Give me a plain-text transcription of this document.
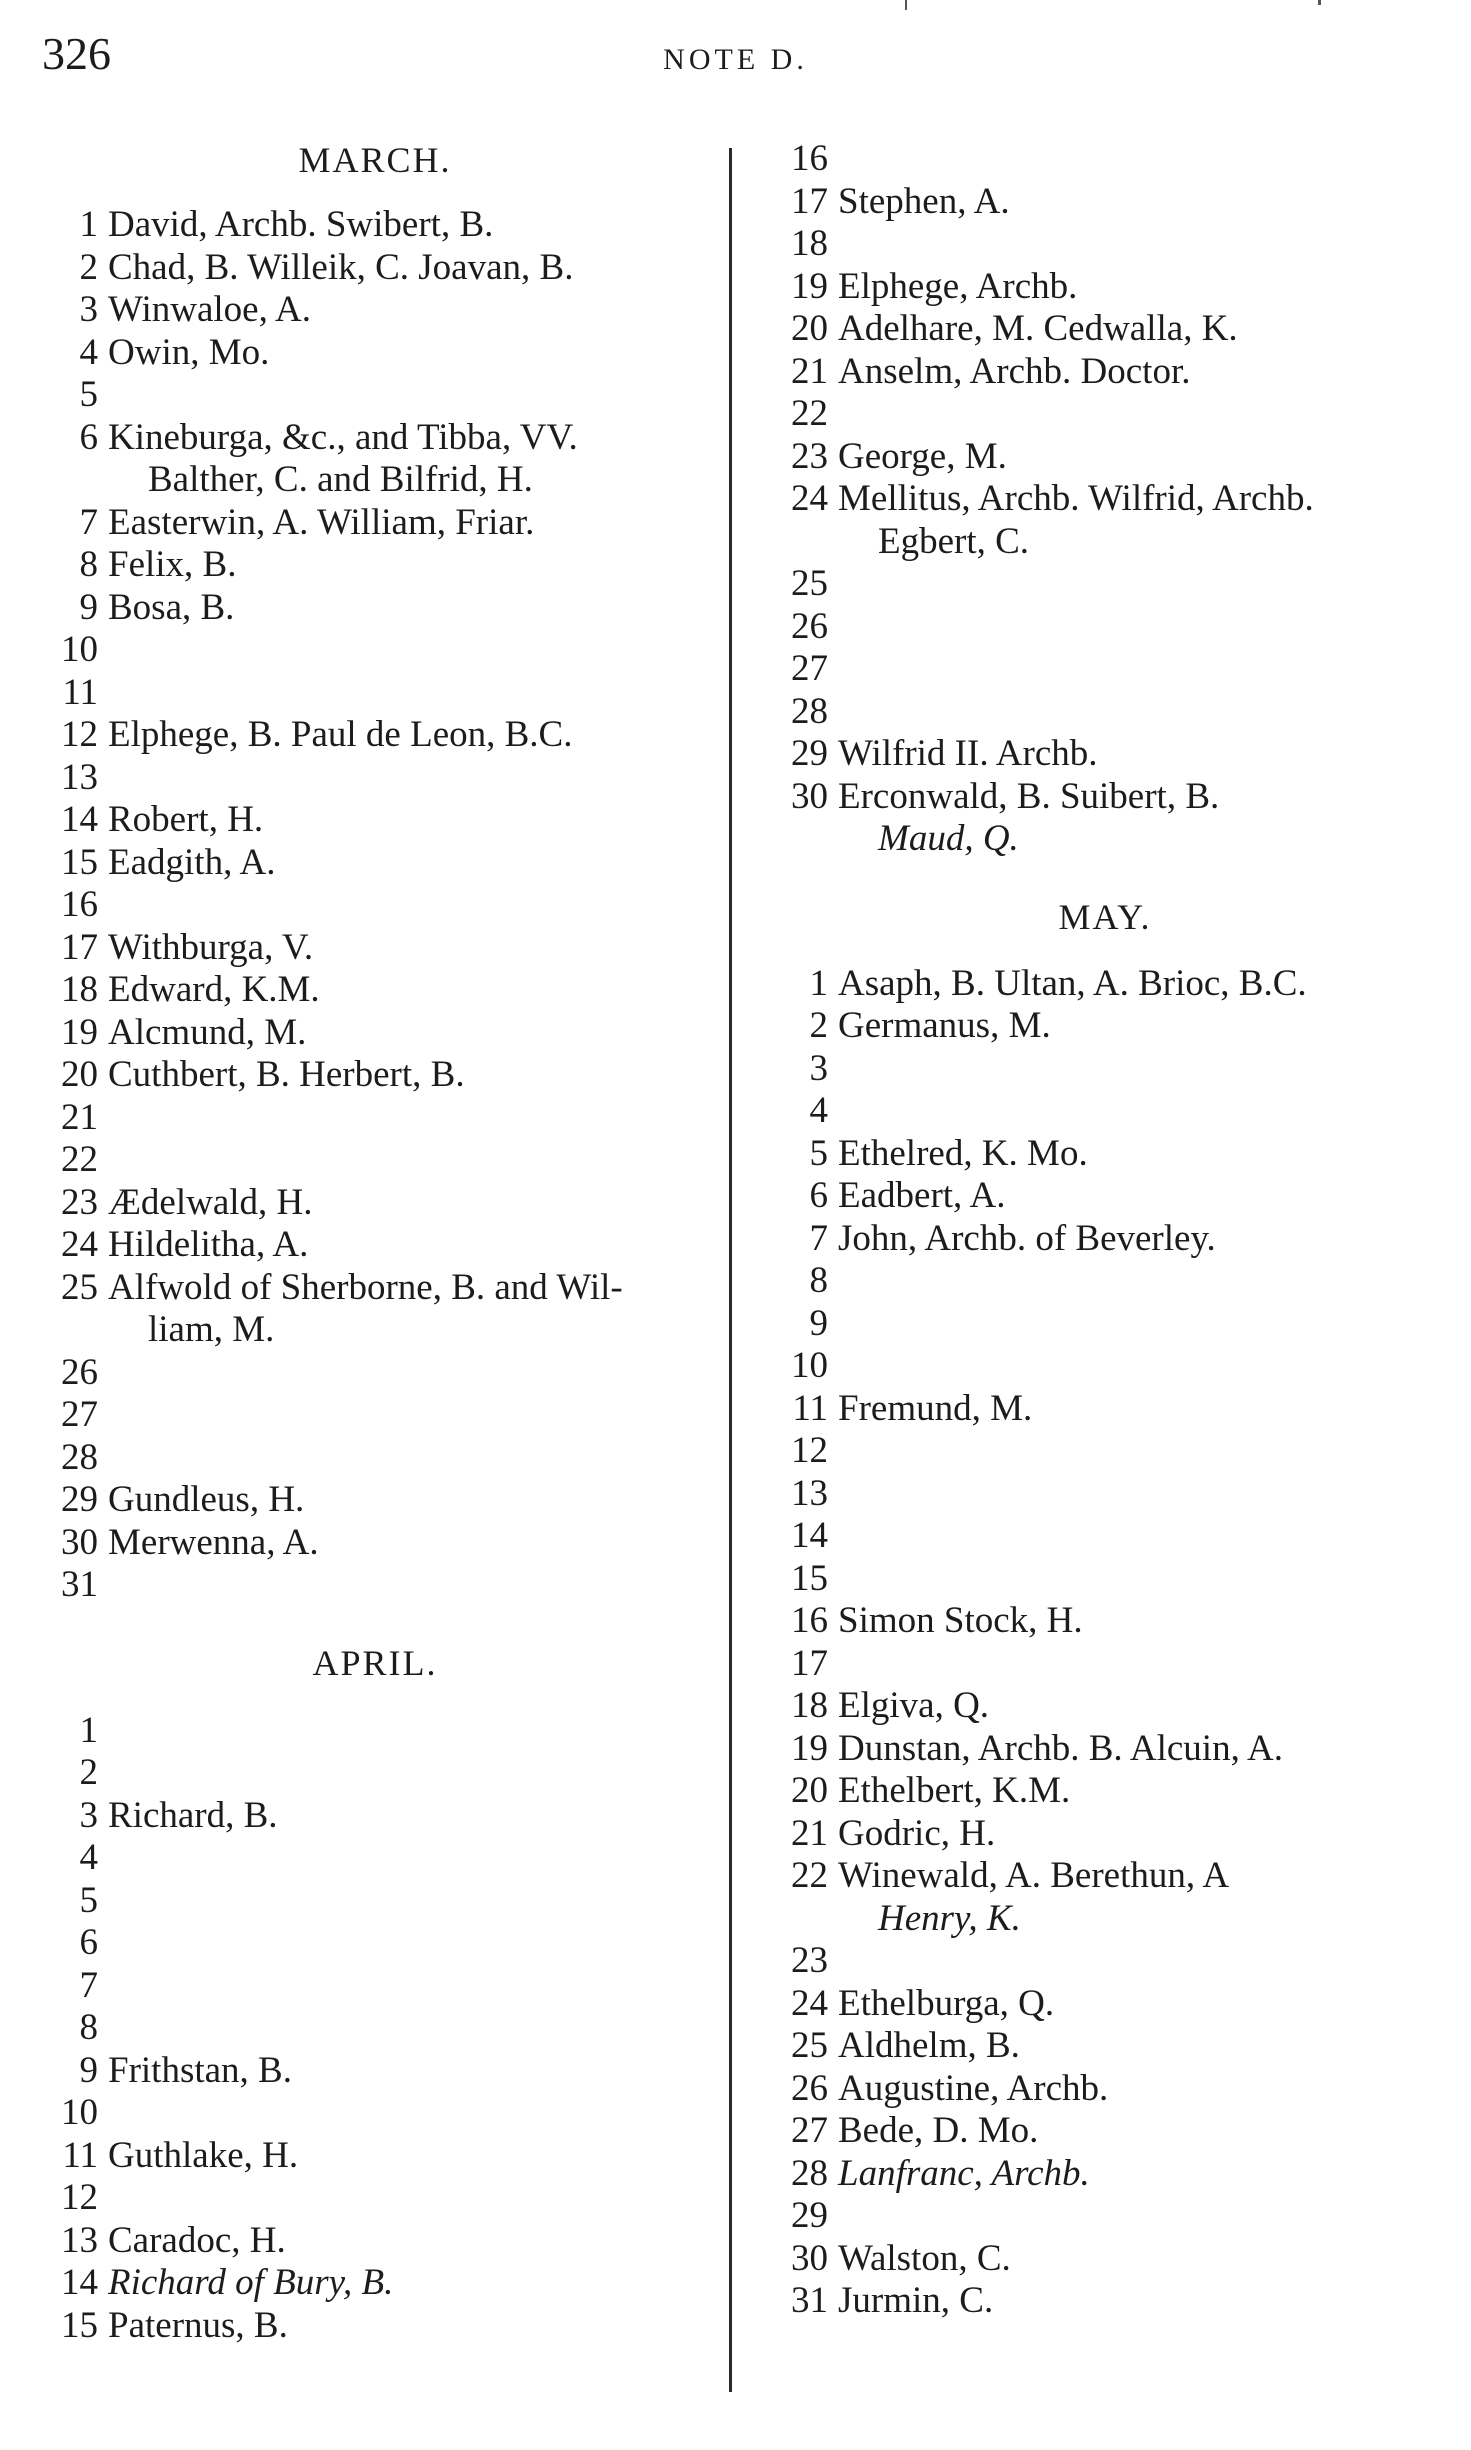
326	NOTE D.
MARCH.
1 David, Archb. Swibert, B.
2 Chad, B. Willeik, C. Joavan, B.
3 Winwaloe, A.
4 Owin, Mo.
5
6 Kineburga, &c., and Tibba, VV.
Balther, C. and Bilfrid, H.
7 Easterwin, A. William, Friar.
8 Felix, B.
9 Bosa, B.
10
11
12 Elphege, B. Paul de Leon, B.C.
13
14 Robert, H.
15 Eadgith, A.
16
17 Withburga, V.
18 Edward, K.M.
19 Alcmund, M.
20 Cuthbert, B. Herbert, B.
21
22
23 Ædelwald, H.
24 Hildelitha, A.
25 Alfwold of Sherborne, B. and Wil-
liam, M.
26
27
28
29 Gundleus, H.
30 Merwenna, A.
31
APRIL.
1
2
3 Richard, B.
4
5
6
7
8
9 Frithstan, B.
10
11 Guthlake, H.
12
13 Caradoc, H.
14 Richard of Bury, B.
15 Paternus, B.
16
17 Stephen, A.
18
19 Elphege, Archb.
20 Adelhare, M. Cedwalla, K.
21 Anselm, Archb. Doctor.
22
23 George, M.
24 Mellitus, Archb. Wilfrid, Archb.
Egbert, C.
25
26
27
28
29 Wilfrid II. Archb.
30 Erconwald, B. Suibert, B.
Maud, Q.
MAY.
1 Asaph, B. Ultan, A. Brioc, B.C.
2 Germanus, M.
3
4
5 Ethelred, K. Mo.
6 Eadbert, A.
7 John, Archb. of Beverley.
8
9
10
11 Fremund, M.
12
13
14
15
16 Simon Stock, H.
17
18 Elgiva, Q.
19 Dunstan, Archb. B. Alcuin, A.
20 Ethelbert, K.M.
21 Godric, H.
22 Winewald, A. Berethun, A
Henry, K.
23
24 Ethelburga, Q.
25 Aldhelm, B.
26 Augustine, Archb.
27 Bede, D. Mo.
28 Lanfranc, Archb.
29
30 Walston, C.
31 Jurmin, C.
